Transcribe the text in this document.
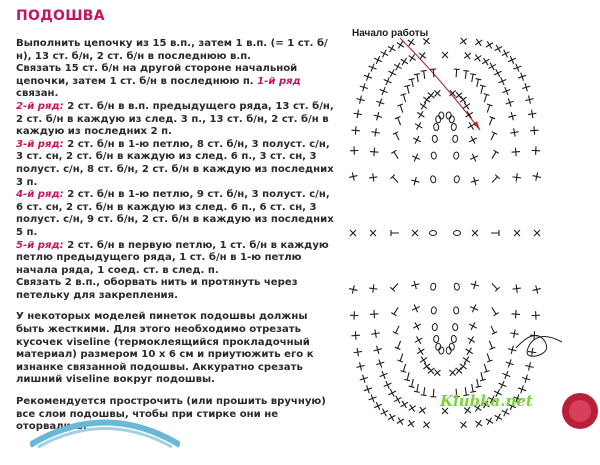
ПОДОШВА

Выполнить цепочку из 15 в.п., затем 1 в.п. (= 1 ст. б/н), 13 ст. б/н, 2 ст. б/н в последнюю в.п.

Связать 15 ст. б/н на другой стороне начальной цепочки, затем 1 ст. б/н в последнюю п. 1-й ряд связан.

2-й ряд: 2 ст. б/н в в.п. предыдущего ряда, 13 ст. б/н, 2 ст. б/н в каждую из след. 3 п., 13 ст. б/н, 2 ст. б/н в каждую из последних 2 п.

3-й ряд: 2 ст. б/н в 1-ю петлю, 8 ст. б/н, 3 полуст. с/н, 3 ст. сн, 2 ст. б/н в каждую из след. 6 п., 3 ст. сн, 3 полуст. с/н, 8 ст. б/н, 2 ст. б/н в каждую из последних 3 п.

4-й ряд: 2 ст. б/н в 1-ю петлю, 9 ст. б/н, 3 полуст. с/н, 6 ст. сн, 2 ст. б/н в каждую из след. 6 п., 6 ст. сн, 3 полуст. с/н, 9 ст. б/н, 2 ст. б/н в каждую из последних 5 п.

5-й ряд: 2 ст. б/н в первую петлю, 1 ст. б/н в каждую петлю предыдущего ряда, 1 ст. б/н в 1-ю петлю начала ряда, 1 соед. ст. в след. п.

Связать 2 в.п., оборвать нить и протянуть через петельку для закрепления.

У некоторых моделей пинеток подошвы должны быть жесткими. Для этого необходимо отрезать кусочек viseline (термоклеящийся прокладочный материал) размером 10 х 6 см и приутюжить его к изнанке связанной подошвы. Аккуратно срезать лишний viseline вокруг подошвы.

Рекомендуется прострочить (или прошить вручную) все слои подошвы, чтобы при стирке они не оторвались.

Начало работы
Klubka.net
